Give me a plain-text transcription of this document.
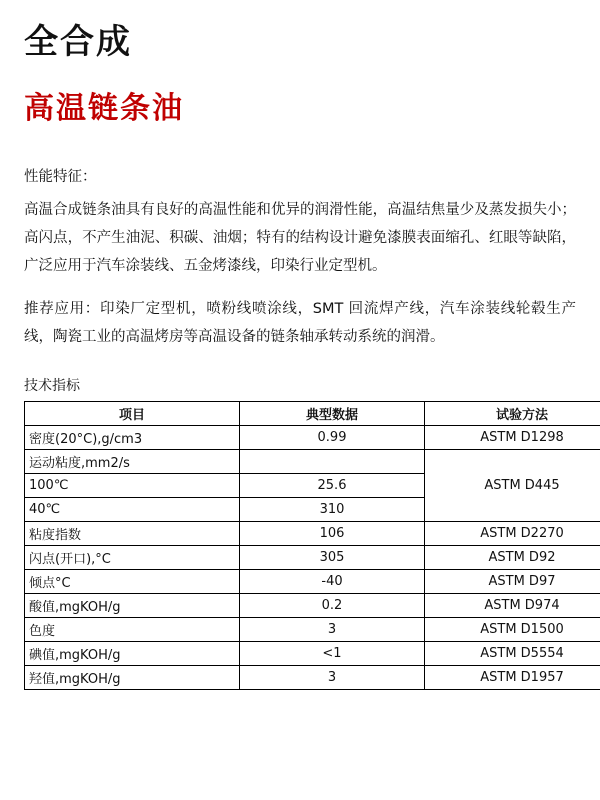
全合成
高温链条油
性能特征：
高温合成链条油具有良好的高温性能和优异的润滑性能，高温结焦量少及蒸发损失小；高闪点，不产生油泥、积碳、油烟；特有的结构设计避免漆膜表面缩孔、红眼等缺陷，广泛应用于汽车涂装线、五金烤漆线，印染行业定型机。
推荐应用：印染厂定型机，喷粉线喷涂线，SMT 回流焊产线，汽车涂装线轮毂生产线，陶瓷工业的高温烤房等高温设备的链条轴承转动系统的润滑。
技术指标
项目	典型数据	试验方法
密度(20°C),g/cm3	0.99	ASTM D1298
运动粘度,mm2/s		ASTM D445
100℃	25.6	
40℃	310	
粘度指数	106	ASTM D2270
闪点(开口),°C	305	ASTM D92
倾点°C	-40	ASTM D97
酸值,mgKOH/g	0.2	ASTM D974
色度	3	ASTM D1500
碘值,mgKOH/g	<1	ASTM D5554
羟值,mgKOH/g	3	ASTM D1957
